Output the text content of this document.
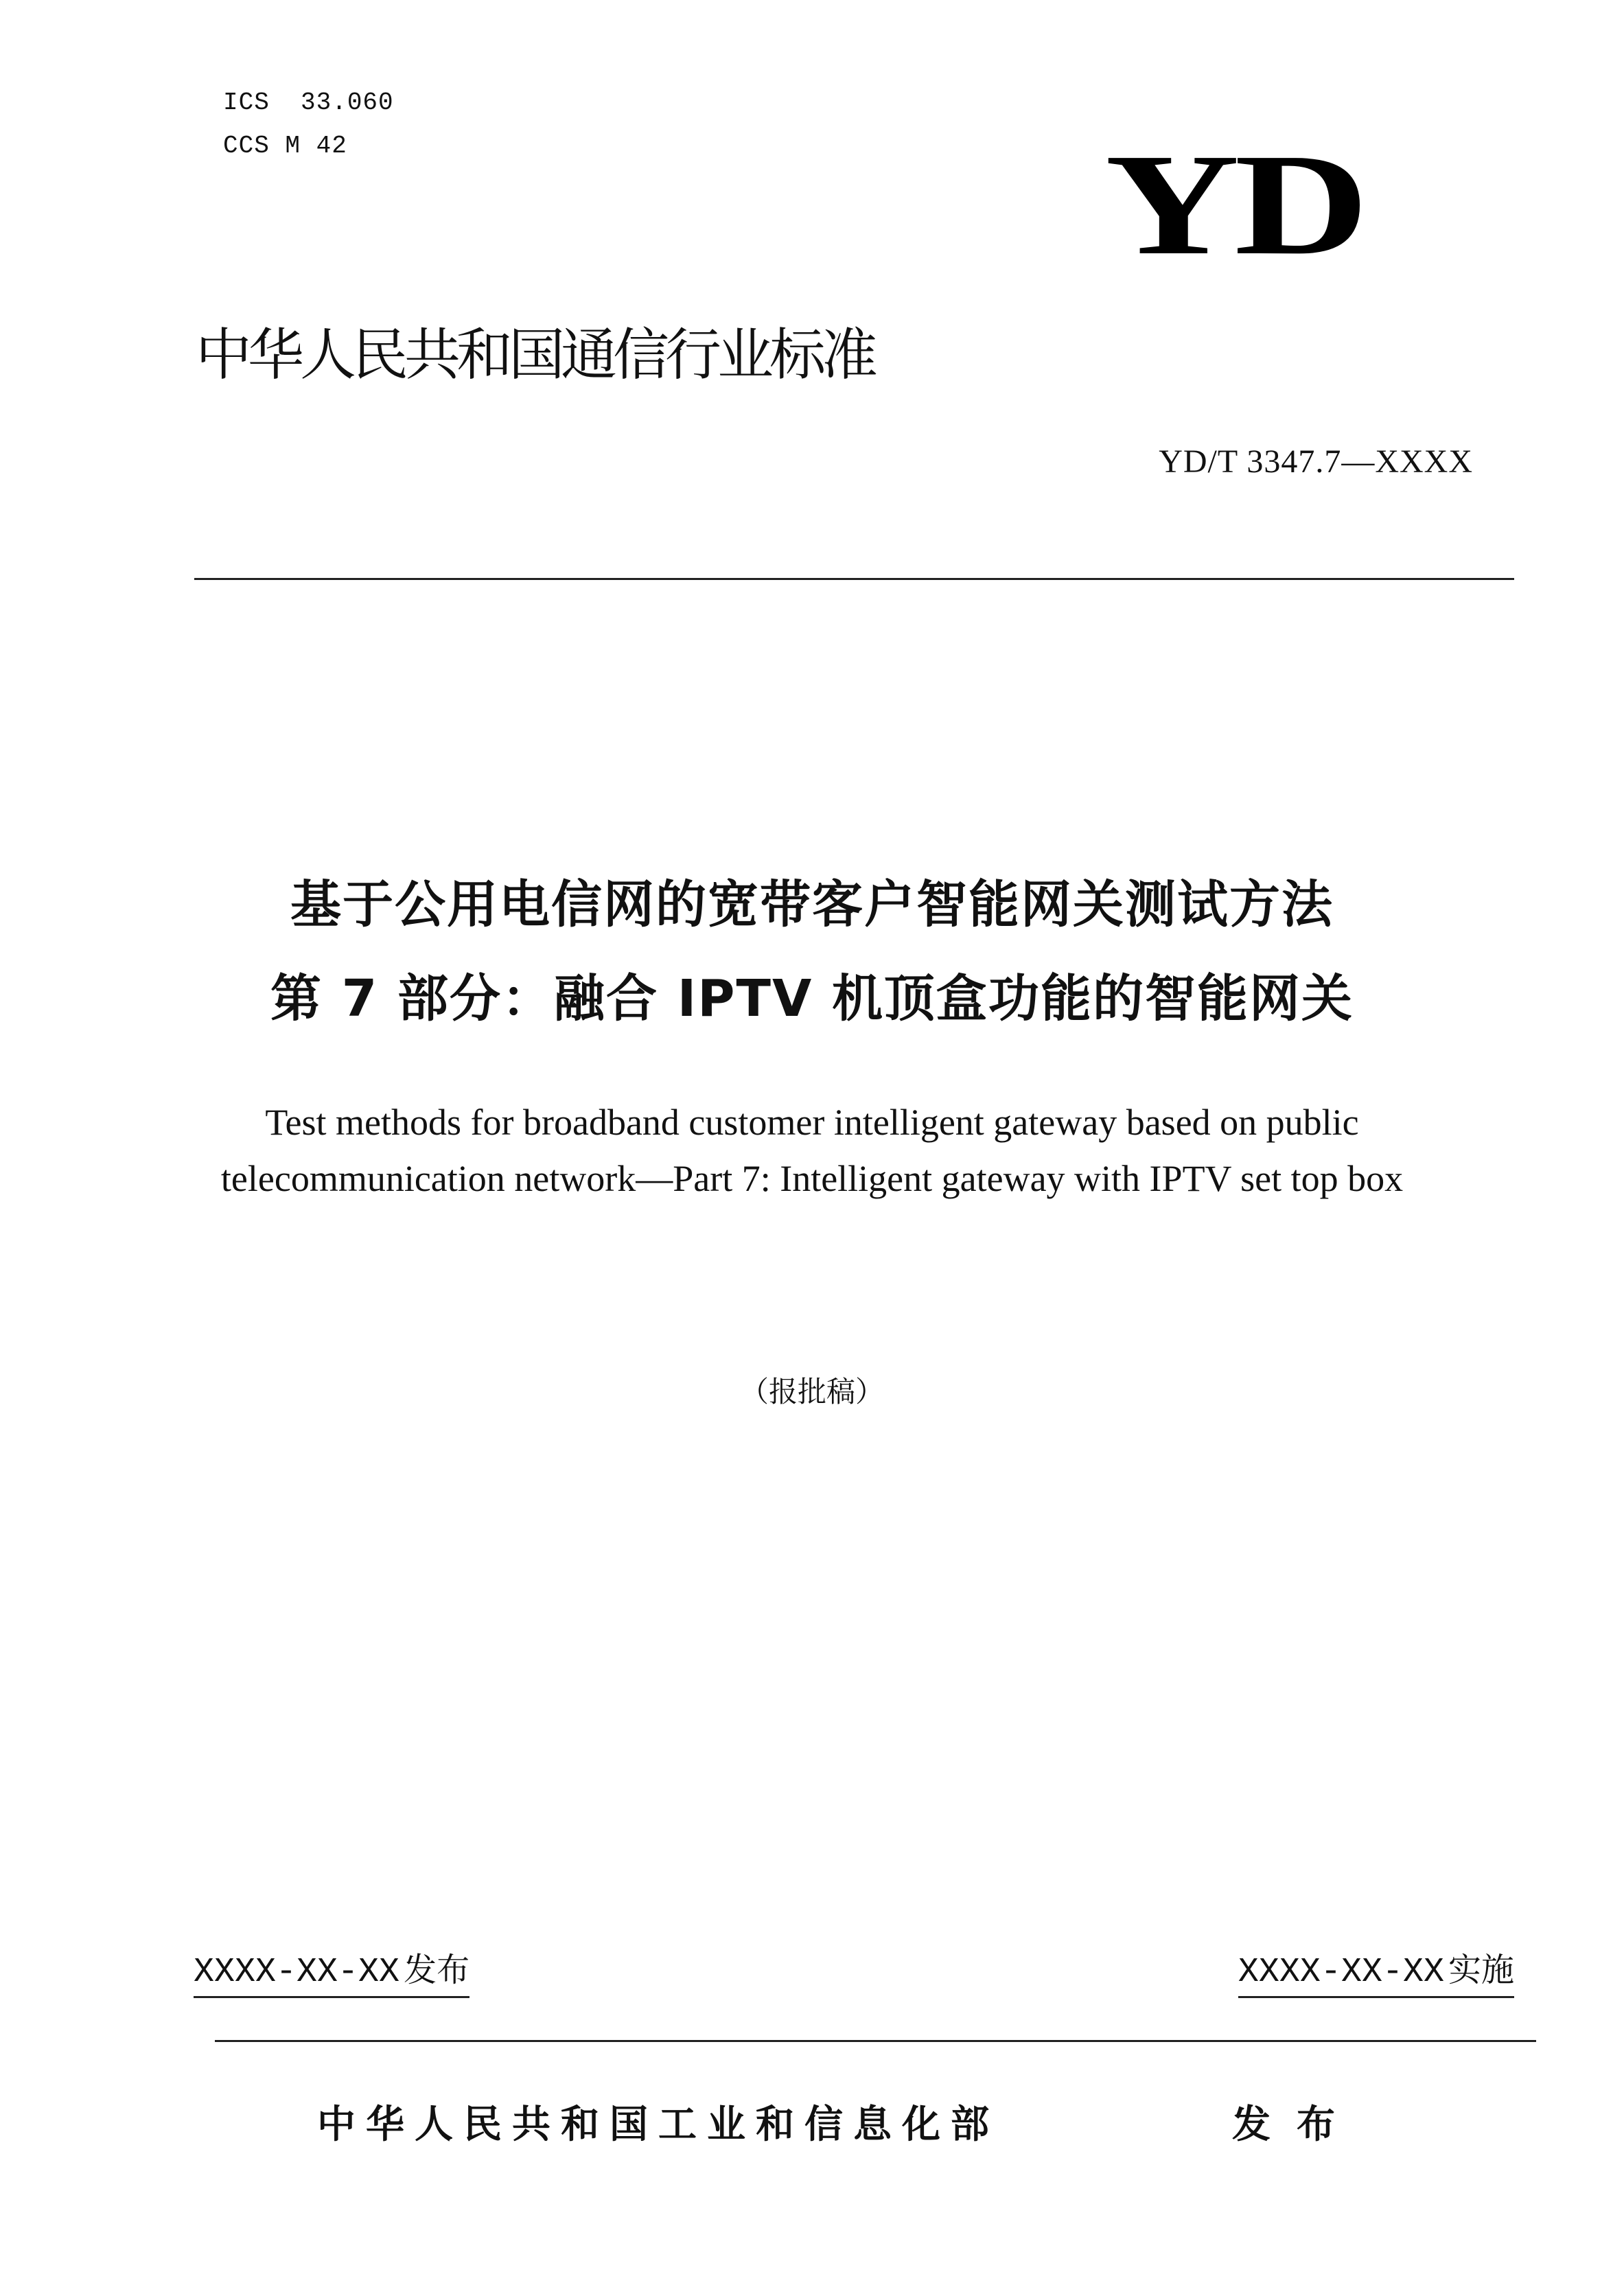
ICS  33.060
CCS M 42	YD
中华人民共和国通信行业标准
YD/T 3347.7—XXXX
基于公用电信网的宽带客户智能网关测试方法
第 7 部分：融合 IPTV 机顶盒功能的智能网关
Test methods for broadband customer intelligent gateway based on public
telecommunication network—Part 7: Intelligent gateway with IPTV set top box
（报批稿）
XXXX-XX-XX 发布	XXXX-XX-XX 实施
中华人民共和国工业和信息化部	发布
